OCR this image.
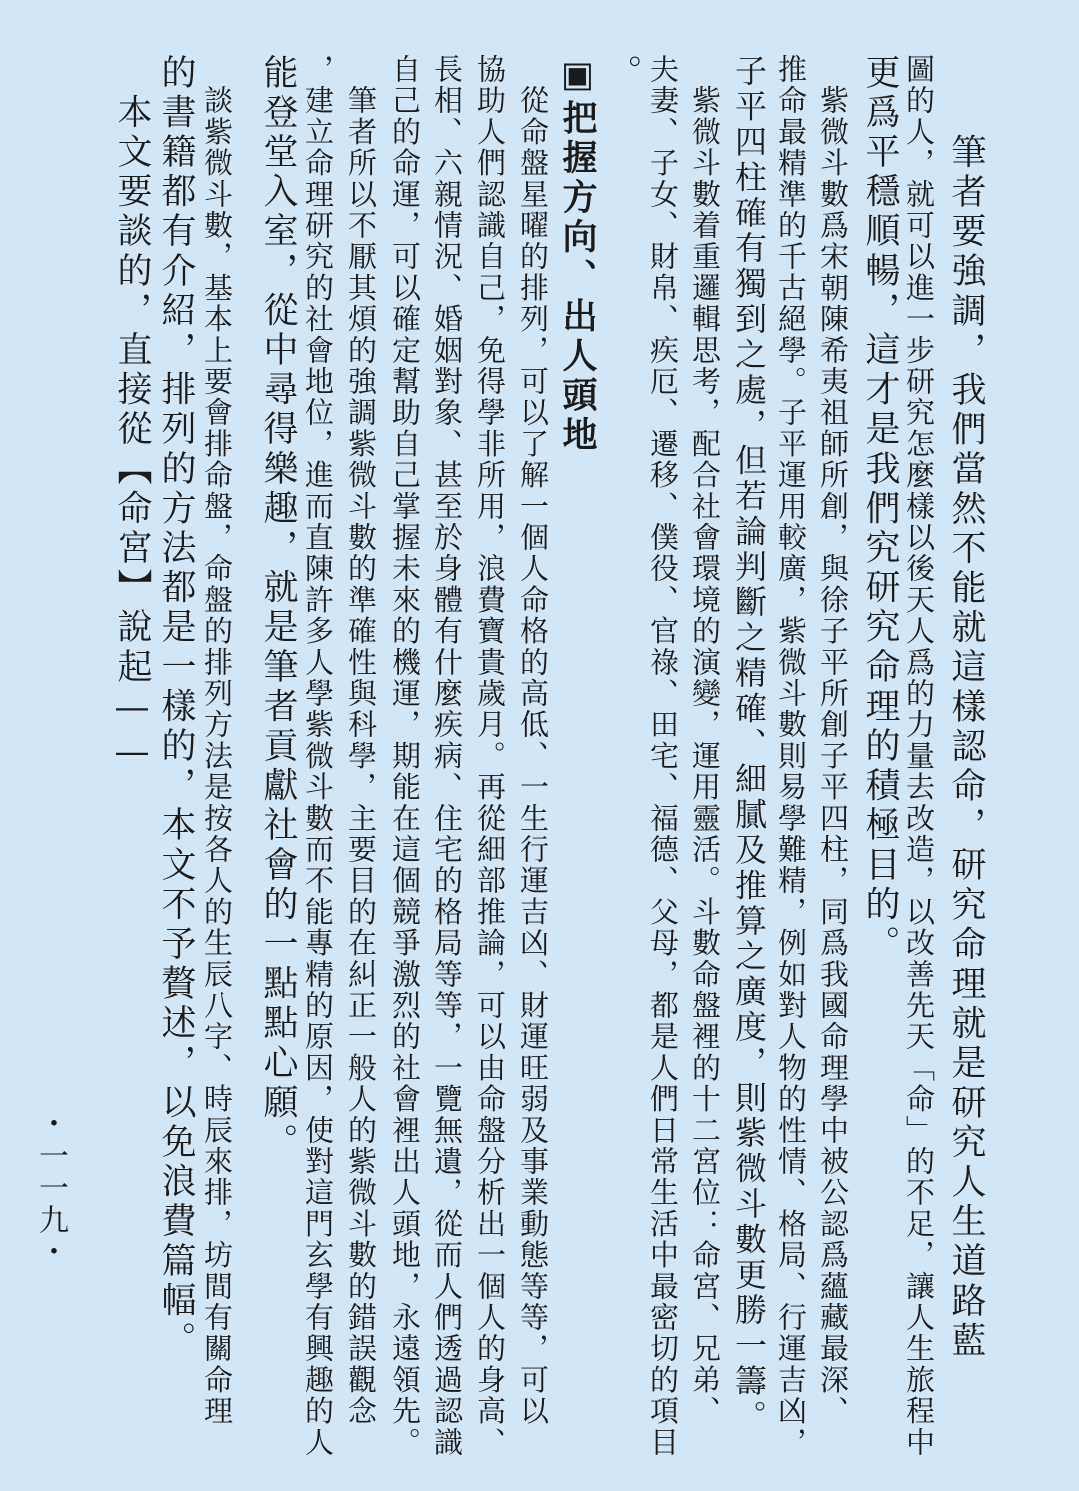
　筆者要強調，我們當然不能就這樣認命，研究命理就是研究人生道路藍

圖的人，就可以進一步研究怎麼樣以後天人爲的力量去改造，以改善先天「命」的不足，讓人生旅程中

更爲平穩順暢，這才是我們究研究命理的積極目的。

　紫微斗數爲宋朝陳希夷祖師所創，與徐子平所創子平四柱，同爲我國命理學中被公認爲蘊藏最深、

推命最精準的千古絕學。子平運用較廣，紫微斗數則易學難精，例如對人物的性情、格局、行運吉凶，

子平四柱確有獨到之處，但若論判斷之精確、細膩及推算之廣度，則紫微斗數更勝一籌。

　紫微斗數着重邏輯思考，配合社會環境的演變，運用靈活。斗數命盤裡的十二宮位：命宮、兄弟、

夫妻、子女、財帛、疾厄、遷移、僕役、官祿、田宅、福德、父母，都是人們日常生活中最密切的項目

。

▣把握方向、出人頭地

　從命盤星曜的排列，可以了解一個人命格的高低、一生行運吉凶、財運旺弱及事業動態等等，可以

協助人們認識自己，免得學非所用，浪費寶貴歲月。再從細部推論，可以由命盤分析出一個人的身高、

長相、六親情況、婚姻對象、甚至於身體有什麼疾病、住宅的格局等等，一覽無遺，從而人們透過認識

自己的命運，可以確定幫助自己掌握未來的機運，期能在這個競爭激烈的社會裡出人頭地，永遠領先。

　筆者所以不厭其煩的強調紫微斗數的準確性與科學，主要目的在糾正一般人的紫微斗數的錯誤觀念

，建立命理研究的社會地位，進而直陳許多人學紫微斗數而不能專精的原因，使對這門玄學有興趣的人

能登堂入室，從中尋得樂趣，就是筆者貢獻社會的一點點心願。

　談紫微斗數，基本上要會排命盤，命盤的排列方法是按各人的生辰八字、時辰來排，坊間有關命理

的書籍都有介紹，排列的方法都是一樣的，本文不予贅述，以免浪費篇幅。

　本文要談的，直接從【命宮】說起——

・一一九・
